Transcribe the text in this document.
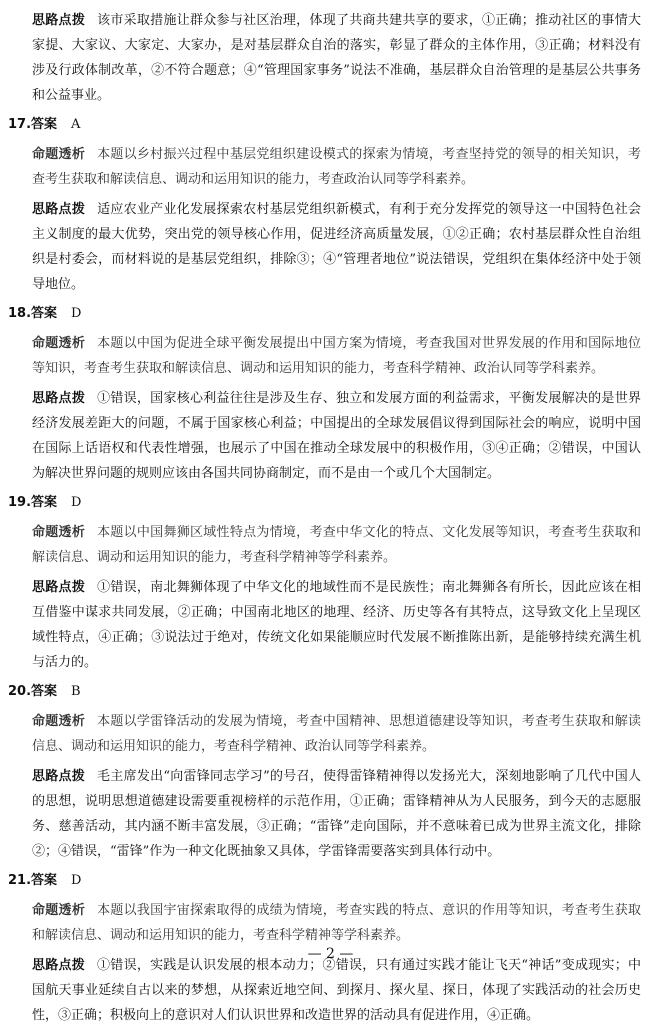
思路点拨 该市采取措施让群众参与社区治理，体现了共商共建共享的要求，①正确；推动社区的事情大家提、大家议、大家定、大家办，是对基层群众自治的落实，彰显了群众的主体作用，③正确；材料没有涉及行政体制改革，②不符合题意；④“管理国家事务”说法不准确，基层群众自治管理的是基层公共事务和公益事业。

17.答案 A

命题透析 本题以乡村振兴过程中基层党组织建设模式的探索为情境，考查坚持党的领导的相关知识，考查考生获取和解读信息、调动和运用知识的能力，考查政治认同等学科素养。

思路点拨 适应农业产业化发展探索农村基层党组织新模式，有利于充分发挥党的领导这一中国特色社会主义制度的最大优势，突出党的领导核心作用，促进经济高质量发展，①②正确；农村基层群众性自治组织是村委会，而材料说的是基层党组织，排除③；④“管理者地位”说法错误，党组织在集体经济中处于领导地位。

18.答案 D

命题透析 本题以中国为促进全球平衡发展提出中国方案为情境，考查我国对世界发展的作用和国际地位等知识，考查考生获取和解读信息、调动和运用知识的能力，考查科学精神、政治认同等学科素养。

思路点拨 ①错误，国家核心利益往往是涉及生存、独立和发展方面的利益需求，平衡发展解决的是世界经济发展差距大的问题，不属于国家核心利益；中国提出的全球发展倡议得到国际社会的响应，说明中国在国际上话语权和代表性增强，也展示了中国在推动全球发展中的积极作用，③④正确；②错误，中国认为解决世界问题的规则应该由各国共同协商制定，而不是由一个或几个大国制定。

19.答案 D

命题透析 本题以中国舞狮区域性特点为情境，考查中华文化的特点、文化发展等知识，考查考生获取和解读信息、调动和运用知识的能力，考查科学精神等学科素养。

思路点拨 ①错误，南北舞狮体现了中华文化的地域性而不是民族性；南北舞狮各有所长，因此应该在相互借鉴中谋求共同发展，②正确；中国南北地区的地理、经济、历史等各有其特点，这导致文化上呈现区域性特点，④正确；③说法过于绝对，传统文化如果能顺应时代发展不断推陈出新，是能够持续充满生机与活力的。

20.答案 B

命题透析 本题以学雷锋活动的发展为情境，考查中国精神、思想道德建设等知识，考查考生获取和解读信息、调动和运用知识的能力，考查科学精神、政治认同等学科素养。

思路点拨 毛主席发出“向雷锋同志学习”的号召，使得雷锋精神得以发扬光大，深刻地影响了几代中国人的思想，说明思想道德建设需要重视榜样的示范作用，①正确；雷锋精神从为人民服务，到今天的志愿服务、慈善活动，其内涵不断丰富发展，③正确；“雷锋”走向国际，并不意味着已成为世界主流文化，排除②；④错误，“雷锋”作为一种文化既抽象又具体，学雷锋需要落实到具体行动中。

21.答案 D

命题透析 本题以我国宇宙探索取得的成绩为情境，考查实践的特点、意识的作用等知识，考查考生获取和解读信息、调动和运用知识的能力，考查科学精神等学科素养。

思路点拨 ①错误，实践是认识发展的根本动力；②错误，只有通过实践才能让飞天“神话”变成现实；中国航天事业延续自古以来的梦想，从探索近地空间、到探月、探火星、探日，体现了实践活动的社会历史性，③正确；积极向上的意识对人们认识世界和改造世界的活动具有促进作用，④正确。

— 2 —
